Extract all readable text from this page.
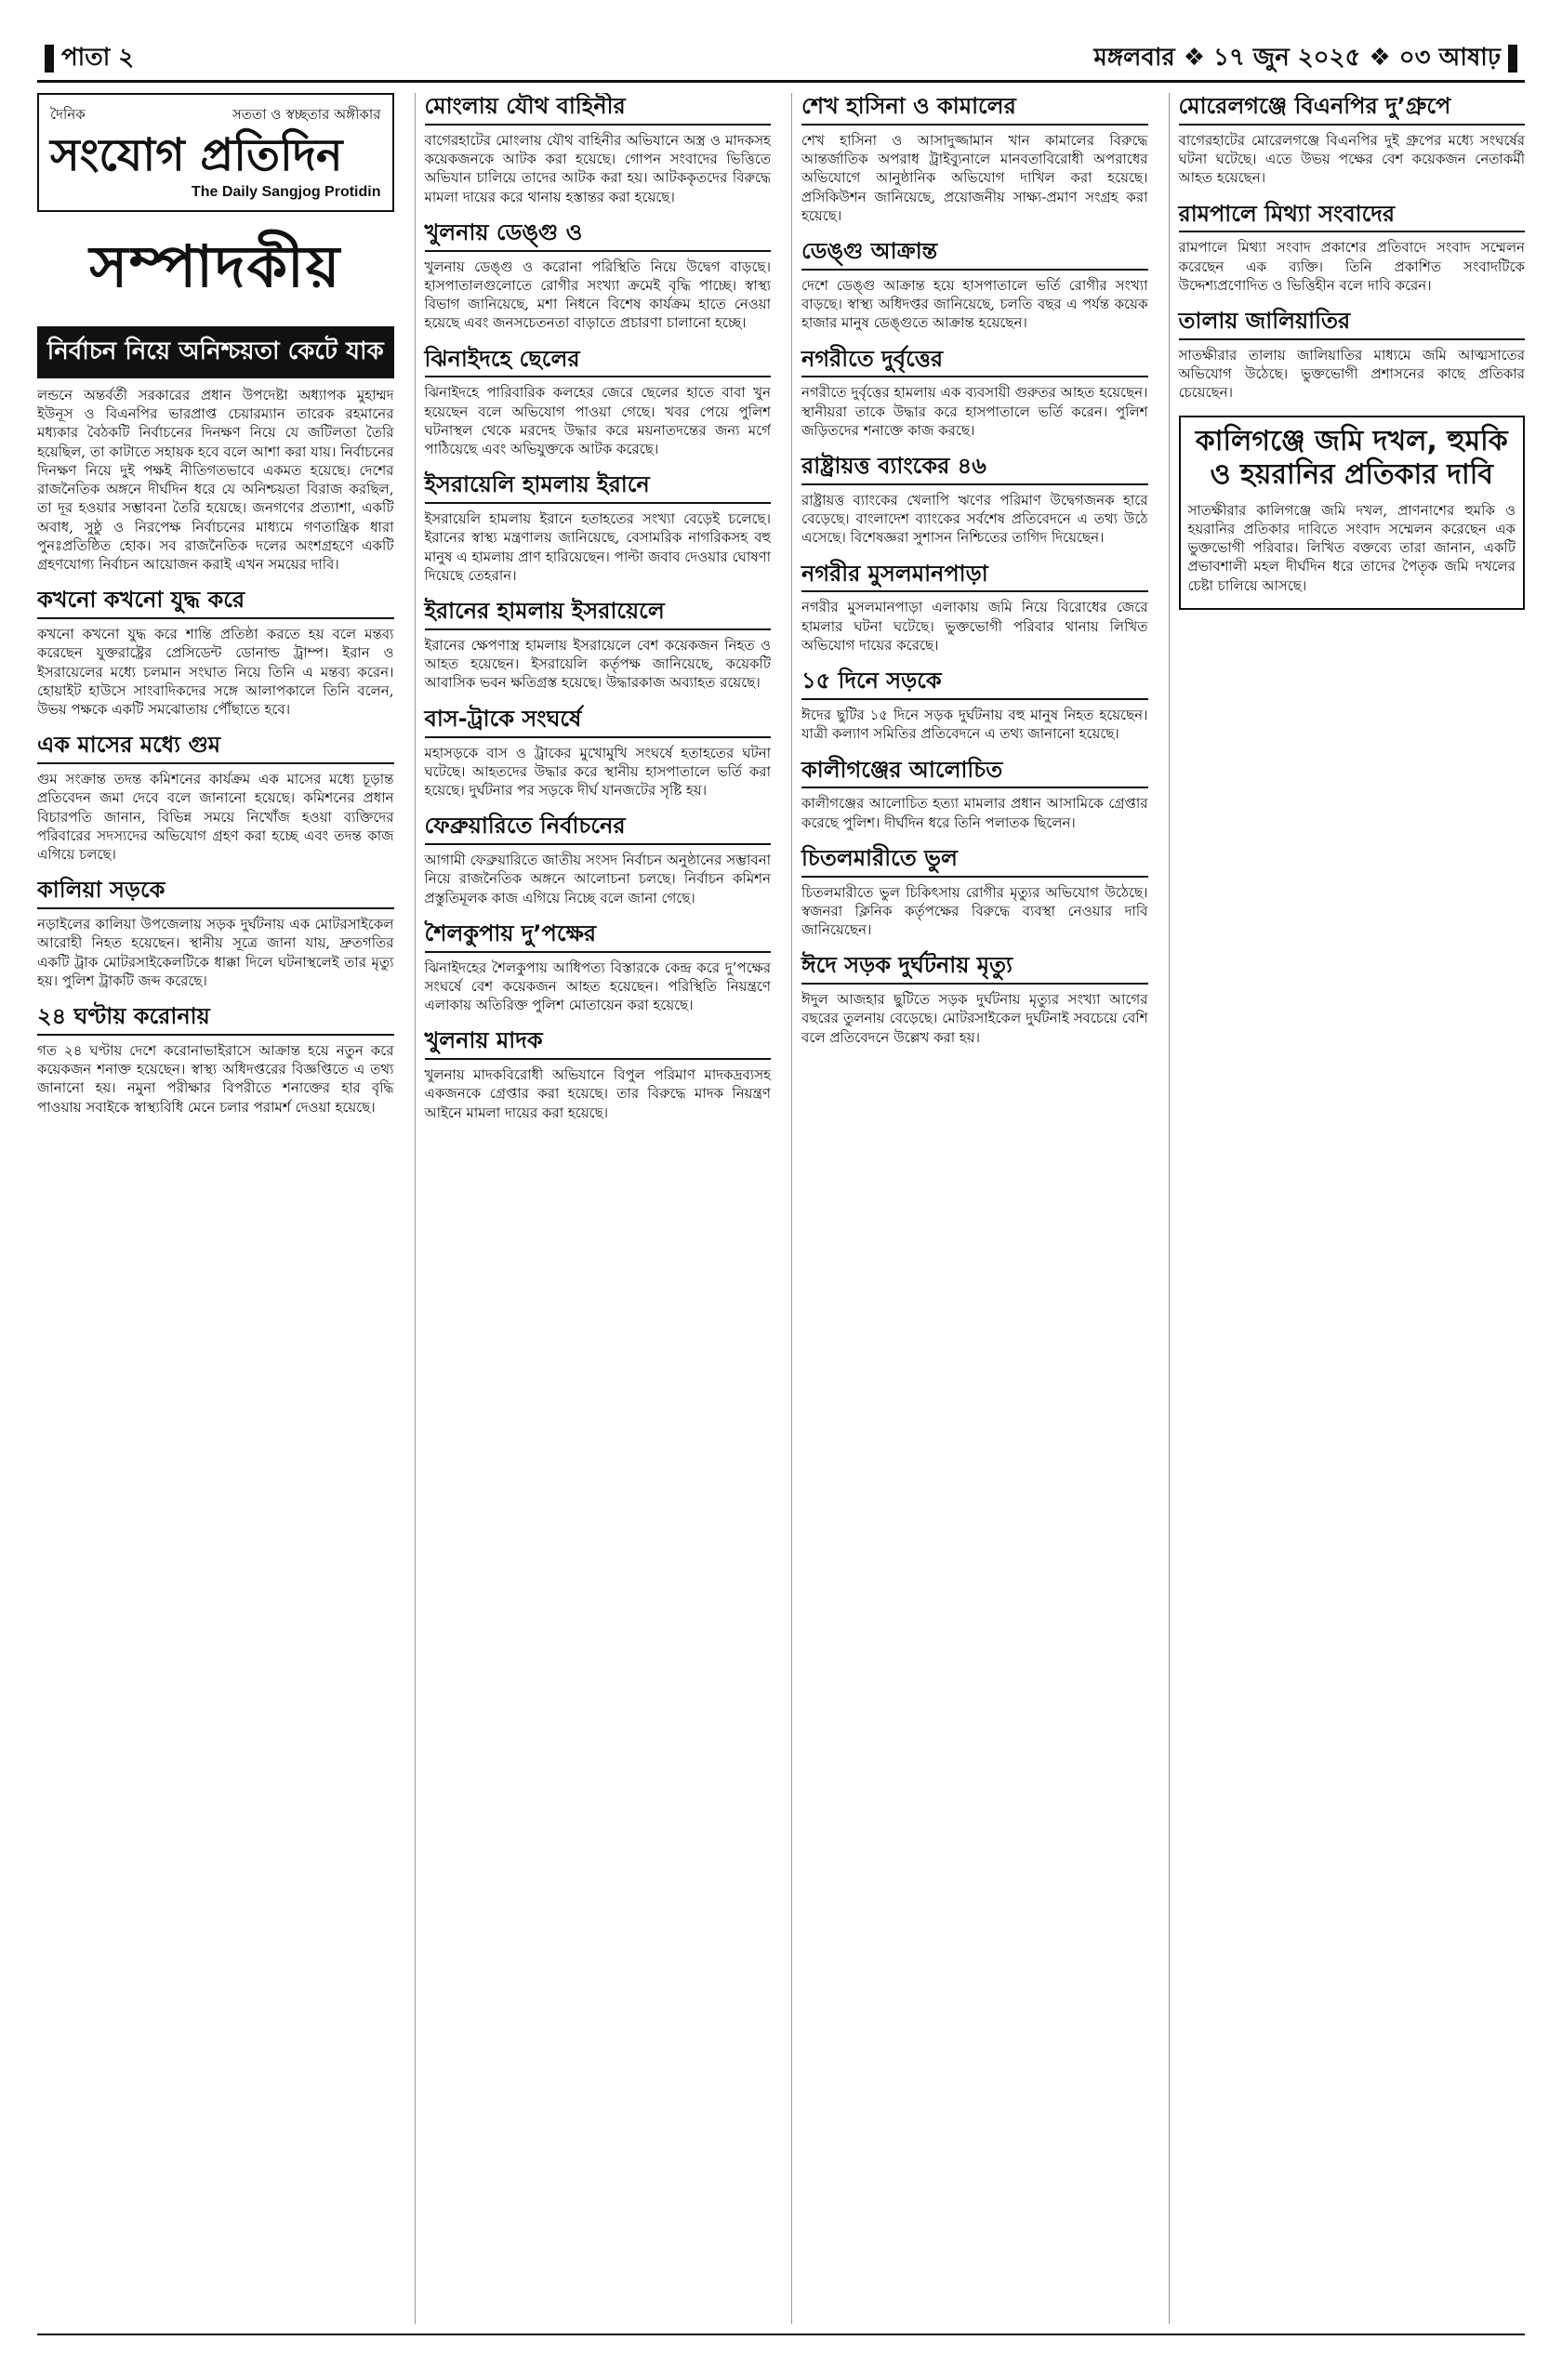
পাতা ২	মঙ্গলবার ❖ ১৭ জুন ২০২৫ ❖ ০৩ আষাঢ়
দৈনিক	সততা ও স্বচ্ছতার অঙ্গীকার
সংযোগ প্রতিদিন
The Daily Sangjog Protidin
সম্পাদকীয়
নির্বাচন নিয়ে অনিশ্চয়তা কেটে যাক

লন্ডনে অন্তর্বর্তী সরকারের প্রধান উপদেষ্টা অধ্যাপক মুহাম্মদ ইউনূস ও বিএনপির ভারপ্রাপ্ত চেয়ারম্যান তারেক রহমানের মধ্যকার বৈঠকটি নির্বাচনের দিনক্ষণ নিয়ে যে জটিলতা তৈরি হয়েছিল, তা কাটাতে সহায়ক হবে বলে আশা করা যায়। নির্বাচনের দিনক্ষণ নিয়ে দুই পক্ষই নীতিগতভাবে একমত হয়েছে। দেশের রাজনৈতিক অঙ্গনে দীর্ঘদিন ধরে যে অনিশ্চয়তা বিরাজ করছিল, তা দূর হওয়ার সম্ভাবনা তৈরি হয়েছে। জনগণের প্রত্যাশা, একটি অবাধ, সুষ্ঠু ও নিরপেক্ষ নির্বাচনের মাধ্যমে গণতান্ত্রিক ধারা পুনঃপ্রতিষ্ঠিত হোক। সব রাজনৈতিক দলের অংশগ্রহণে একটি গ্রহণযোগ্য নির্বাচন আয়োজন করাই এখন সময়ের দাবি।

কখনো কখনো যুদ্ধ করে

কখনো কখনো যুদ্ধ করে শান্তি প্রতিষ্ঠা করতে হয় বলে মন্তব্য করেছেন যুক্তরাষ্ট্রের প্রেসিডেন্ট ডোনাল্ড ট্রাম্প। ইরান ও ইসরায়েলের মধ্যে চলমান সংঘাত নিয়ে তিনি এ মন্তব্য করেন। হোয়াইট হাউসে সাংবাদিকদের সঙ্গে আলাপকালে তিনি বলেন, উভয় পক্ষকে একটি সমঝোতায় পৌঁছাতে হবে।

এক মাসের মধ্যে গুম

গুম সংক্রান্ত তদন্ত কমিশনের কার্যক্রম এক মাসের মধ্যে চূড়ান্ত প্রতিবেদন জমা দেবে বলে জানানো হয়েছে। কমিশনের প্রধান বিচারপতি জানান, বিভিন্ন সময়ে নিখোঁজ হওয়া ব্যক্তিদের পরিবারের সদস্যদের অভিযোগ গ্রহণ করা হচ্ছে এবং তদন্ত কাজ এগিয়ে চলছে।

কালিয়া সড়কে

নড়াইলের কালিয়া উপজেলায় সড়ক দুর্ঘটনায় এক মোটরসাইকেল আরোহী নিহত হয়েছেন। স্থানীয় সূত্রে জানা যায়, দ্রুতগতির একটি ট্রাক মোটরসাইকেলটিকে ধাক্কা দিলে ঘটনাস্থলেই তার মৃত্যু হয়। পুলিশ ট্রাকটি জব্দ করেছে।

২৪ ঘণ্টায় করোনায়

গত ২৪ ঘণ্টায় দেশে করোনাভাইরাসে আক্রান্ত হয়ে নতুন করে কয়েকজন শনাক্ত হয়েছেন। স্বাস্থ্য অধিদপ্তরের বিজ্ঞপ্তিতে এ তথ্য জানানো হয়। নমুনা পরীক্ষার বিপরীতে শনাক্তের হার বৃদ্ধি পাওয়ায় সবাইকে স্বাস্থ্যবিধি মেনে চলার পরামর্শ দেওয়া হয়েছে।

মোংলায় যৌথ বাহিনীর

বাগেরহাটের মোংলায় যৌথ বাহিনীর অভিযানে অস্ত্র ও মাদকসহ কয়েকজনকে আটক করা হয়েছে। গোপন সংবাদের ভিত্তিতে অভিযান চালিয়ে তাদের আটক করা হয়। আটককৃতদের বিরুদ্ধে মামলা দায়ের করে থানায় হস্তান্তর করা হয়েছে।

খুলনায় ডেঙ্গু ও

খুলনায় ডেঙ্গু ও করোনা পরিস্থিতি নিয়ে উদ্বেগ বাড়ছে। হাসপাতালগুলোতে রোগীর সংখ্যা ক্রমেই বৃদ্ধি পাচ্ছে। স্বাস্থ্য বিভাগ জানিয়েছে, মশা নিধনে বিশেষ কার্যক্রম হাতে নেওয়া হয়েছে এবং জনসচেতনতা বাড়াতে প্রচারণা চালানো হচ্ছে।

ঝিনাইদহে ছেলের

ঝিনাইদহে পারিবারিক কলহের জেরে ছেলের হাতে বাবা খুন হয়েছেন বলে অভিযোগ পাওয়া গেছে। খবর পেয়ে পুলিশ ঘটনাস্থল থেকে মরদেহ উদ্ধার করে ময়নাতদন্তের জন্য মর্গে পাঠিয়েছে এবং অভিযুক্তকে আটক করেছে।

ইসরায়েলি হামলায় ইরানে

ইসরায়েলি হামলায় ইরানে হতাহতের সংখ্যা বেড়েই চলেছে। ইরানের স্বাস্থ্য মন্ত্রণালয় জানিয়েছে, বেসামরিক নাগরিকসহ বহু মানুষ এ হামলায় প্রাণ হারিয়েছেন। পাল্টা জবাব দেওয়ার ঘোষণা দিয়েছে তেহরান।

ইরানের হামলায় ইসরায়েলে

ইরানের ক্ষেপণাস্ত্র হামলায় ইসরায়েলে বেশ কয়েকজন নিহত ও আহত হয়েছেন। ইসরায়েলি কর্তৃপক্ষ জানিয়েছে, কয়েকটি আবাসিক ভবন ক্ষতিগ্রস্ত হয়েছে। উদ্ধারকাজ অব্যাহত রয়েছে।

বাস-ট্রাকে সংঘর্ষে

মহাসড়কে বাস ও ট্রাকের মুখোমুখি সংঘর্ষে হতাহতের ঘটনা ঘটেছে। আহতদের উদ্ধার করে স্থানীয় হাসপাতালে ভর্তি করা হয়েছে। দুর্ঘটনার পর সড়কে দীর্ঘ যানজটের সৃষ্টি হয়।

ফেব্রুয়ারিতে নির্বাচনের

আগামী ফেব্রুয়ারিতে জাতীয় সংসদ নির্বাচন অনুষ্ঠানের সম্ভাবনা নিয়ে রাজনৈতিক অঙ্গনে আলোচনা চলছে। নির্বাচন কমিশন প্রস্তুতিমূলক কাজ এগিয়ে নিচ্ছে বলে জানা গেছে।

শৈলকুপায় দু’পক্ষের

ঝিনাইদহের শৈলকুপায় আধিপত্য বিস্তারকে কেন্দ্র করে দু’পক্ষের সংঘর্ষে বেশ কয়েকজন আহত হয়েছেন। পরিস্থিতি নিয়ন্ত্রণে এলাকায় অতিরিক্ত পুলিশ মোতায়েন করা হয়েছে।

খুলনায় মাদক

খুলনায় মাদকবিরোধী অভিযানে বিপুল পরিমাণ মাদকদ্রব্যসহ একজনকে গ্রেপ্তার করা হয়েছে। তার বিরুদ্ধে মাদক নিয়ন্ত্রণ আইনে মামলা দায়ের করা হয়েছে।

শেখ হাসিনা ও কামালের

শেখ হাসিনা ও আসাদুজ্জামান খান কামালের বিরুদ্ধে আন্তর্জাতিক অপরাধ ট্রাইব্যুনালে মানবতাবিরোধী অপরাধের অভিযোগে আনুষ্ঠানিক অভিযোগ দাখিল করা হয়েছে। প্রসিকিউশন জানিয়েছে, প্রয়োজনীয় সাক্ষ্য-প্রমাণ সংগ্রহ করা হয়েছে।

ডেঙ্গু আক্রান্ত

দেশে ডেঙ্গু আক্রান্ত হয়ে হাসপাতালে ভর্তি রোগীর সংখ্যা বাড়ছে। স্বাস্থ্য অধিদপ্তর জানিয়েছে, চলতি বছর এ পর্যন্ত কয়েক হাজার মানুষ ডেঙ্গুতে আক্রান্ত হয়েছেন।

নগরীতে দুর্বৃত্তের

নগরীতে দুর্বৃত্তের হামলায় এক ব্যবসায়ী গুরুতর আহত হয়েছেন। স্থানীয়রা তাকে উদ্ধার করে হাসপাতালে ভর্তি করেন। পুলিশ জড়িতদের শনাক্তে কাজ করছে।

রাষ্ট্রায়ত্ত ব্যাংকের ৪৬

রাষ্ট্রায়ত্ত ব্যাংকের খেলাপি ঋণের পরিমাণ উদ্বেগজনক হারে বেড়েছে। বাংলাদেশ ব্যাংকের সর্বশেষ প্রতিবেদনে এ তথ্য উঠে এসেছে। বিশেষজ্ঞরা সুশাসন নিশ্চিতের তাগিদ দিয়েছেন।

নগরীর মুসলমানপাড়া

নগরীর মুসলমানপাড়া এলাকায় জমি নিয়ে বিরোধের জেরে হামলার ঘটনা ঘটেছে। ভুক্তভোগী পরিবার থানায় লিখিত অভিযোগ দায়ের করেছে।

১৫ দিনে সড়কে

ঈদের ছুটির ১৫ দিনে সড়ক দুর্ঘটনায় বহু মানুষ নিহত হয়েছেন। যাত্রী কল্যাণ সমিতির প্রতিবেদনে এ তথ্য জানানো হয়েছে।

কালীগঞ্জের আলোচিত

কালীগঞ্জের আলোচিত হত্যা মামলার প্রধান আসামিকে গ্রেপ্তার করেছে পুলিশ। দীর্ঘদিন ধরে তিনি পলাতক ছিলেন।

চিতলমারীতে ভুল

চিতলমারীতে ভুল চিকিৎসায় রোগীর মৃত্যুর অভিযোগ উঠেছে। স্বজনরা ক্লিনিক কর্তৃপক্ষের বিরুদ্ধে ব্যবস্থা নেওয়ার দাবি জানিয়েছেন।

ঈদে সড়ক দুর্ঘটনায় মৃত্যু

ঈদুল আজহার ছুটিতে সড়ক দুর্ঘটনায় মৃত্যুর সংখ্যা আগের বছরের তুলনায় বেড়েছে। মোটরসাইকেল দুর্ঘটনাই সবচেয়ে বেশি বলে প্রতিবেদনে উল্লেখ করা হয়।

মোরেলগঞ্জে বিএনপির দু’গ্রুপে

বাগেরহাটের মোরেলগঞ্জে বিএনপির দুই গ্রুপের মধ্যে সংঘর্ষের ঘটনা ঘটেছে। এতে উভয় পক্ষের বেশ কয়েকজন নেতাকর্মী আহত হয়েছেন।

রামপালে মিথ্যা সংবাদের

রামপালে মিথ্যা সংবাদ প্রকাশের প্রতিবাদে সংবাদ সম্মেলন করেছেন এক ব্যক্তি। তিনি প্রকাশিত সংবাদটিকে উদ্দেশ্যপ্রণোদিত ও ভিত্তিহীন বলে দাবি করেন।

তালায় জালিয়াতির

সাতক্ষীরার তালায় জালিয়াতির মাধ্যমে জমি আত্মসাতের অভিযোগ উঠেছে। ভুক্তভোগী প্রশাসনের কাছে প্রতিকার চেয়েছেন।

কালিগঞ্জে জমি দখল, হুমকি ও হয়রানির প্রতিকার দাবি

সাতক্ষীরার কালিগঞ্জে জমি দখল, প্রাণনাশের হুমকি ও হয়রানির প্রতিকার দাবিতে সংবাদ সম্মেলন করেছেন এক ভুক্তভোগী পরিবার। লিখিত বক্তব্যে তারা জানান, একটি প্রভাবশালী মহল দীর্ঘদিন ধরে তাদের পৈতৃক জমি দখলের চেষ্টা চালিয়ে আসছে।
